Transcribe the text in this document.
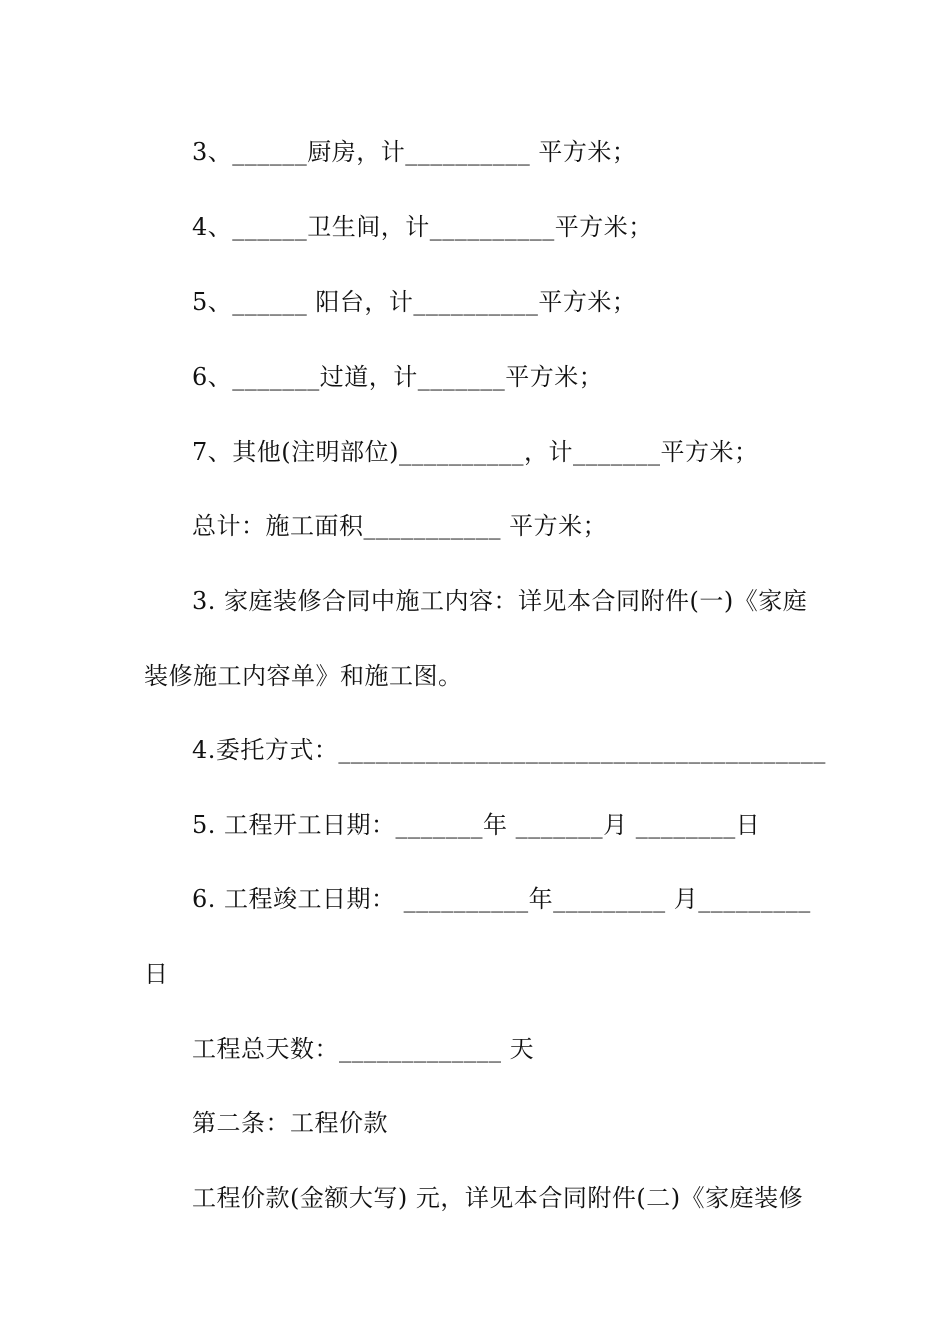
3、______厨房，计__________ 平方米；
4、______卫生间，计__________平方米；
5、______ 阳台，计__________平方米；
6、_______过道，计_______平方米；
7、其他(注明部位)__________，计_______平方米；
总计：施工面积___________ 平方米；
3. 家庭装修合同中施工内容：详见本合同附件(一)《家庭
装修施工内容单》和施工图。
4.委托方式：_______________________________________
5. 工程开工日期：_______年 _______月 ________日
6. 工程竣工日期： __________年_________ 月_________
日
工程总天数：_____________ 天
第二条：工程价款
工程价款(金额大写) 元，详见本合同附件(二)《家庭装修
